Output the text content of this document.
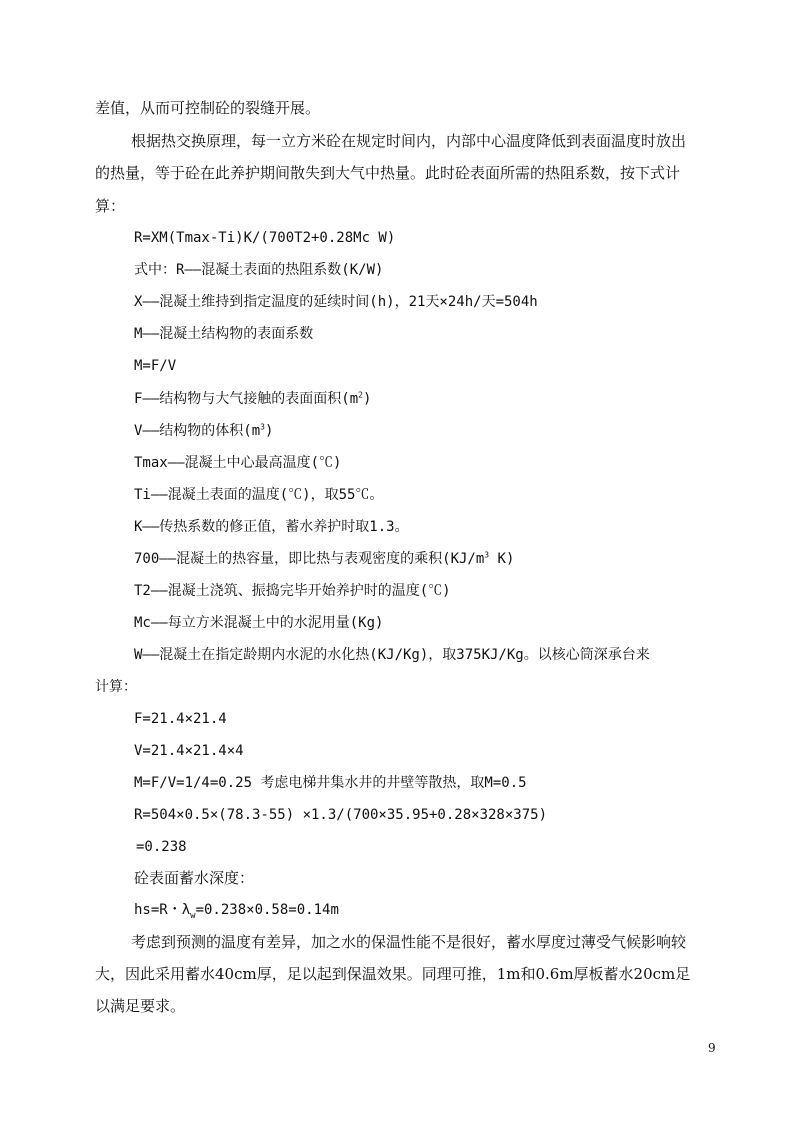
差值，从而可控制砼的裂缝开展。
根据热交换原理，每一立方米砼在规定时间内，内部中心温度降低到表面温度时放出
的热量，等于砼在此养护期间散失到大气中热量。此时砼表面所需的热阻系数，按下式计
算：
R=XM(Tmax-Ti)K/(700T2+0.28Mc W)
式中：R——混凝土表面的热阻系数(K/W)
X——混凝土维持到指定温度的延续时间(h)，21天×24h/天=504h
M——混凝土结构物的表面系数
M=F/V
F——结构物与大气接触的表面面积$(m^2)$
V——结构物的体积$(m^3)$
Tmax——混凝土中心最高温度(℃)
Ti——混凝土表面的温度(℃)，取55℃。
K——传热系数的修正值，蓄水养护时取1.3。
700——混凝土的热容量，即比热与表观密度的乘积($KJ/m^3$ K)
T2——混凝土浇筑、振捣完毕开始养护时的温度(℃)
Mc——每立方米混凝土中的水泥用量(Kg)
W——混凝土在指定龄期内水泥的水化热(KJ/Kg)，取375KJ/Kg。以核心筒深承台来
计算：
F=21.4×21.4
V=21.4×21.4×4
M=F/V=1/4=0.25 考虑电梯井集水井的井壁等散热，取M=0.5
R=504×0.5×(78.3-55) ×1.3/(700×35.95+0.28×328×375)
=0.238
砼表面蓄水深度：
hs=R・$\lambda_w=0.238\times 0.58=0.14m$
考虑到预测的温度有差异，加之水的保温性能不是很好，蓄水厚度过薄受气候影响较
大，因此采用蓄水40cm厚，足以起到保温效果。同理可推，1m和0.6m厚板蓄水20cm足
以满足要求。
9
